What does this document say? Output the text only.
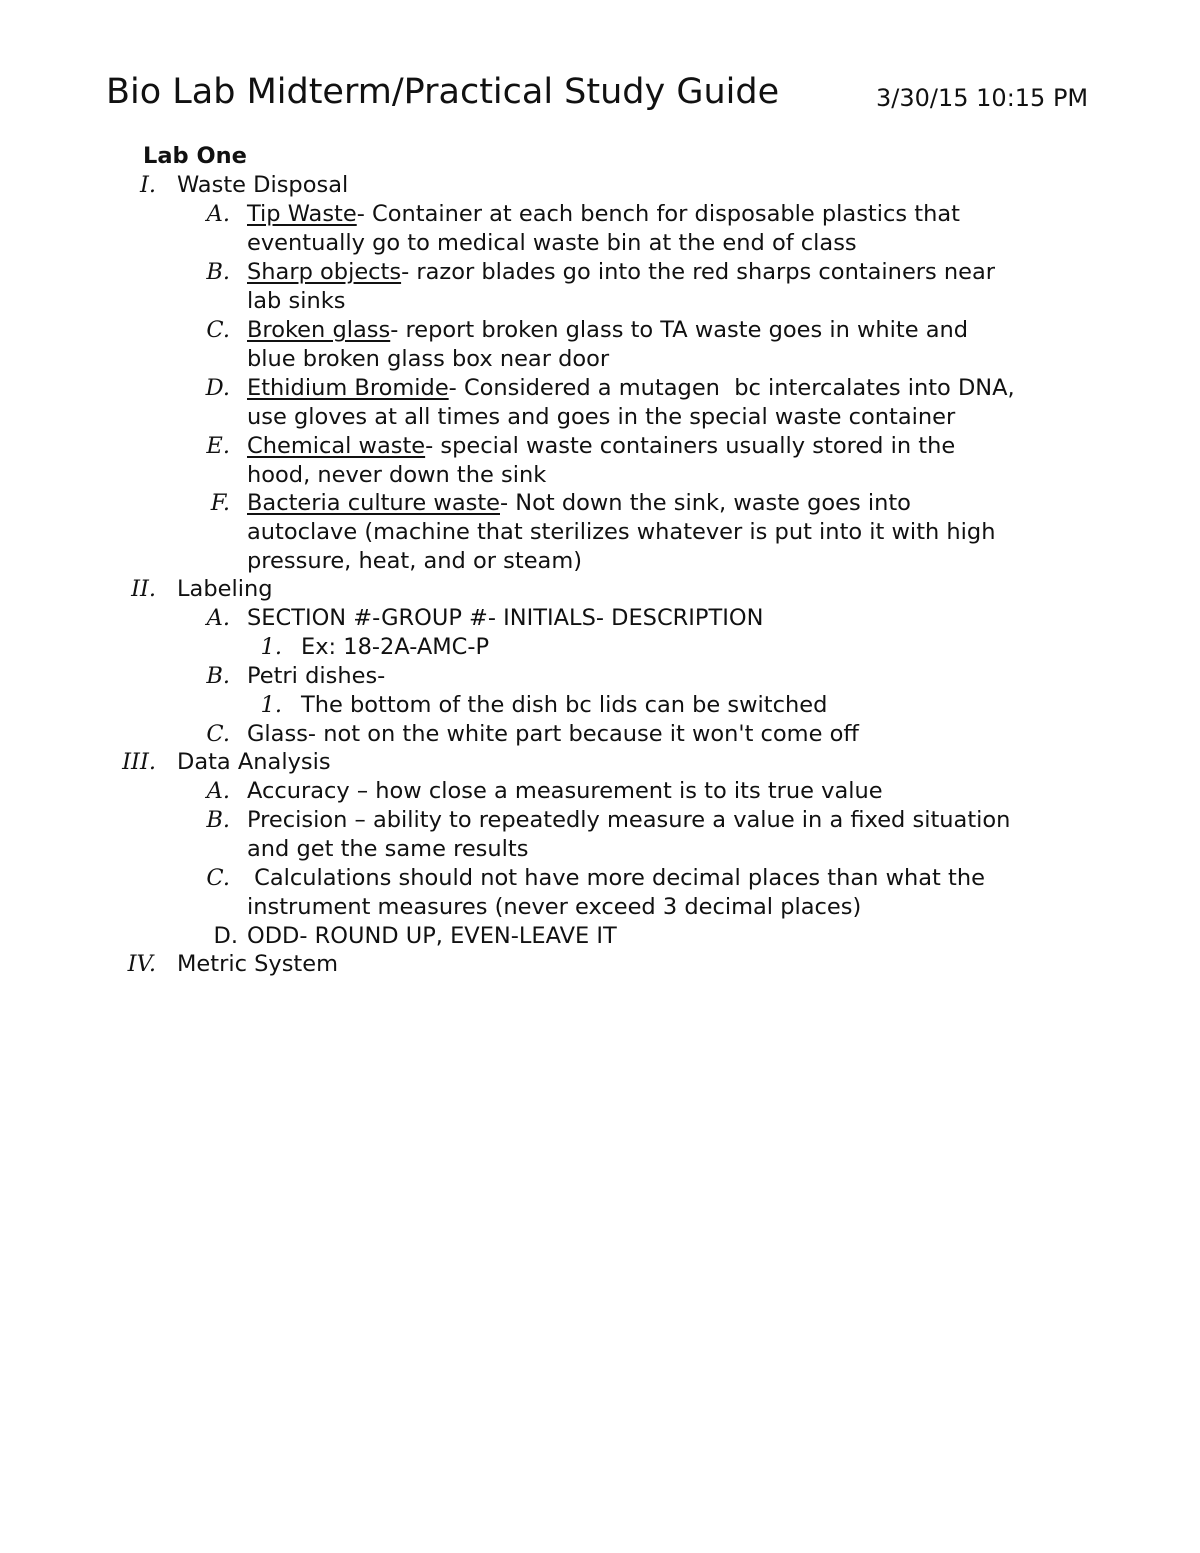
Bio Lab Midterm/Practical Study Guide	3/30/15 10:15 PM
Lab One
I. Waste Disposal
A. Tip Waste- Container at each bench for disposable plastics that
eventually go to medical waste bin at the end of class
B. Sharp objects- razor blades go into the red sharps containers near
lab sinks
C. Broken glass- report broken glass to TA waste goes in white and
blue broken glass box near door
D. Ethidium Bromide- Considered a mutagen  bc intercalates into DNA,
use gloves at all times and goes in the special waste container
E. Chemical waste- special waste containers usually stored in the
hood, never down the sink
F. Bacteria culture waste- Not down the sink, waste goes into
autoclave (machine that sterilizes whatever is put into it with high
pressure, heat, and or steam)
II. Labeling
A. SECTION #-GROUP #- INITIALS- DESCRIPTION
1. Ex: 18-2A-AMC-P
B. Petri dishes-
1. The bottom of the dish bc lids can be switched
C. Glass- not on the white part because it won't come off
III. Data Analysis
A. Accuracy – how close a measurement is to its true value
B. Precision – ability to repeatedly measure a value in a fixed situation
and get the same results
C.	Calculations should not have more decimal places than what the
instrument measures (never exceed 3 decimal places)
D. ODD- ROUND UP, EVEN-LEAVE IT
IV. Metric System
